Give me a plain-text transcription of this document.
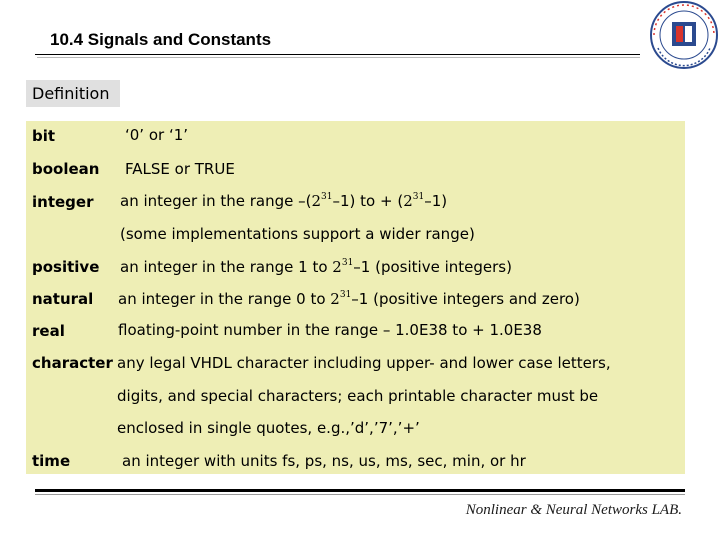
10.4 Signals and Constants
Definition
bit	‘0’ or ‘1’
boolean FALSE or TRUE
integer an integer in the range $-(2^{31}-1)$ to + $(2^{31}-1)$
(some implementations support a wider range)
positive an integer in the range 1 to $2^{31}-1$ (positive integers)
natural an integer in the range 0 to $2^{31}-1$ (positive integers and zero)
real	floating-point number in the range – 1.0E38 to + 1.0E38
character any legal VHDL character including upper- and lower case letters,
digits, and special characters; each printable character must be
enclosed in single quotes, e.g.,’d’,’7’,’+’
time	an integer with units fs, ps, ns, us, ms, sec, min, or hr
Nonlinear & Neural Networks LAB.
